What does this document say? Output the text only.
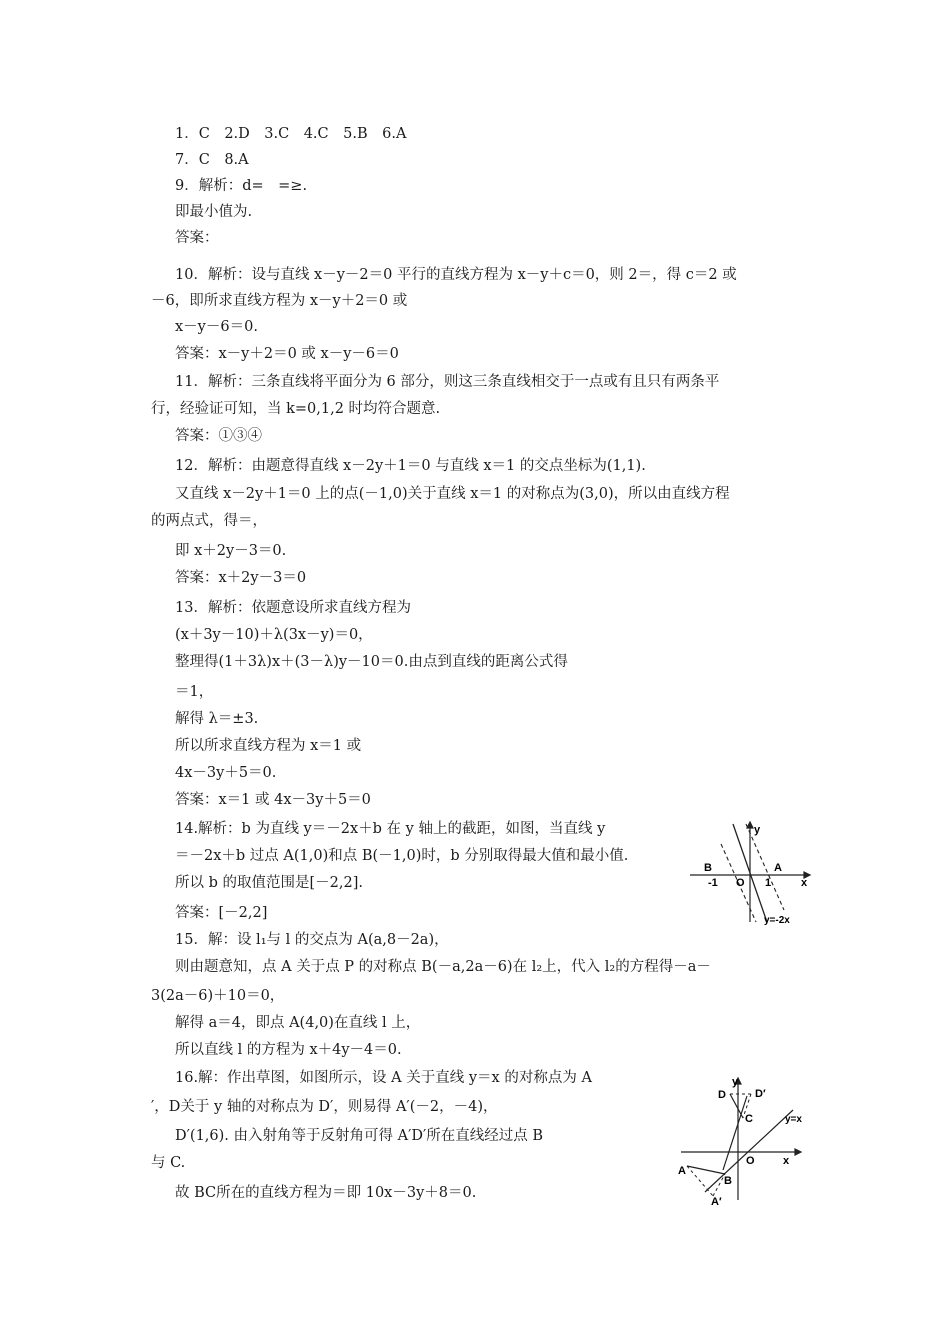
1．C　2.D　3.C　4.C　5.B　6.A
7．C　8.A
9．解析：d=　=≥.
即最小值为.
答案：
10．解析：设与直线 x－y－2＝0 平行的直线方程为 x－y＋c＝0，则 2＝，得 c＝2 或
－6，即所求直线方程为 x－y＋2＝0 或
x－y－6＝0.
答案：x－y＋2＝0 或 x－y－6＝0
11．解析：三条直线将平面分为 6 部分，则这三条直线相交于一点或有且只有两条平
行，经验证可知，当 k=0,1,2 时均符合题意.
答案：①③④
12．解析：由题意得直线 x－2y＋1＝0 与直线 x＝1 的交点坐标为(1,1).
又直线 x－2y＋1＝0 上的点(－1,0)关于直线 x＝1 的对称点为(3,0)，所以由直线方程
的两点式，得＝，
即 x＋2y－3＝0.
答案：x＋2y－3＝0
13．解析：依题意设所求直线方程为
(x＋3y－10)＋λ(3x－y)＝0，
整理得(1＋3λ)x＋(3－λ)y－10＝0.由点到直线的距离公式得
＝1，
解得 λ＝±3.
所以所求直线方程为 x＝1 或
4x－3y＋5＝0.
答案：x＝1 或 4x－3y＋5＝0
14.解析：b 为直线 y＝－2x＋b 在 y 轴上的截距，如图，当直线 y
＝－2x＋b 过点 A(1,0)和点 B(－1,0)时，b 分别取得最大值和最小值.
所以 b 的取值范围是[－2,2].
答案：[－2,2]
15．解：设 l₁与 l 的交点为 A(a,8－2a)，
则由题意知，点 A 关于点 P 的对称点 B(－a,2a－6)在 l₂上，代入 l₂的方程得－a－
3(2a－6)＋10＝0，
解得 a＝4，即点 A(4,0)在直线 l 上，
所以直线 l 的方程为 x＋4y－4＝0.
16.解：作出草图，如图所示，设 A 关于直线 y＝x 的对称点为 A
′，D关于 y 轴的对称点为 D′，则易得 A′(－2，－4)，
D′(1,6). 由入射角等于反射角可得 A′D′所在直线经过点 B
与 C.
故 BC所在的直线方程为＝即 10x－3y＋8＝0.
y
x
B	A
-1 O 1
y=-2x
y
D	D′
C	y=x
O	x
A
B
A′
